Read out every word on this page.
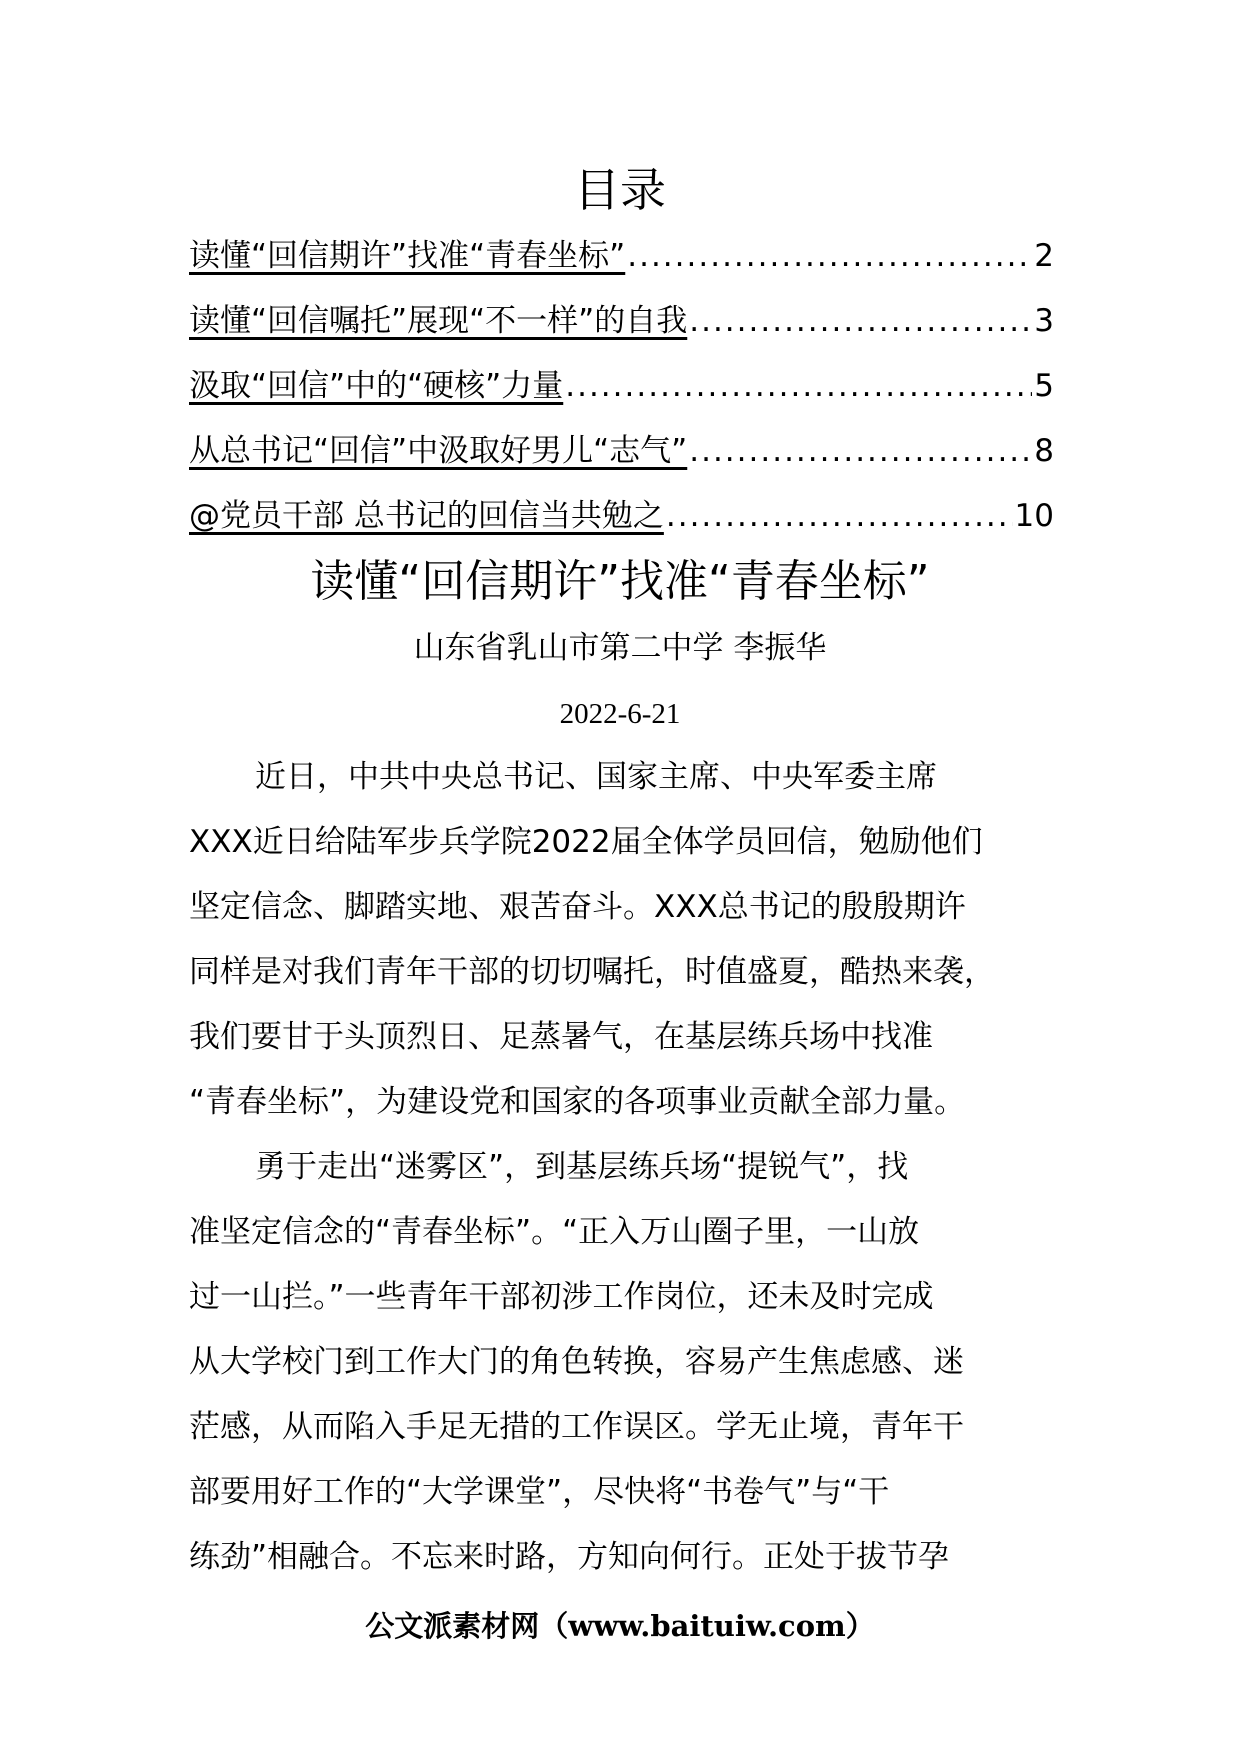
目录
读懂“回信期许”找准“青春坐标” .....	2
读懂“回信嘱托”展现“不一样”的自我 .....	3
汲取“回信”中的“硬核”力量 .....	5
从总书记“回信”中汲取好男儿“志气” .....	8
@党员干部 总书记的回信当共勉之 .....	10
读懂“回信期许”找准“青春坐标”
山东省乳山市第二中学 李振华
2022-6-21
近日，中共中央总书记、国家主席、中央军委主席
XXX近日给陆军步兵学院2022届全体学员回信，勉励他们
坚定信念、脚踏实地、艰苦奋斗。XXX总书记的殷殷期许
同样是对我们青年干部的切切嘱托，时值盛夏，酷热来袭，
我们要甘于头顶烈日、足蒸暑气，在基层练兵场中找准
“青春坐标”，为建设党和国家的各项事业贡献全部力量。
勇于走出“迷雾区”，到基层练兵场“提锐气”，找
准坚定信念的“青春坐标”。“正入万山圈子里，一山放
过一山拦。”一些青年干部初涉工作岗位，还未及时完成
从大学校门到工作大门的角色转换，容易产生焦虑感、迷
茫感，从而陷入手足无措的工作误区。学无止境，青年干
部要用好工作的“大学课堂”，尽快将“书卷气”与“干
练劲”相融合。不忘来时路，方知向何行。正处于拔节孕
公文派素材网（www.baituiw.com）
